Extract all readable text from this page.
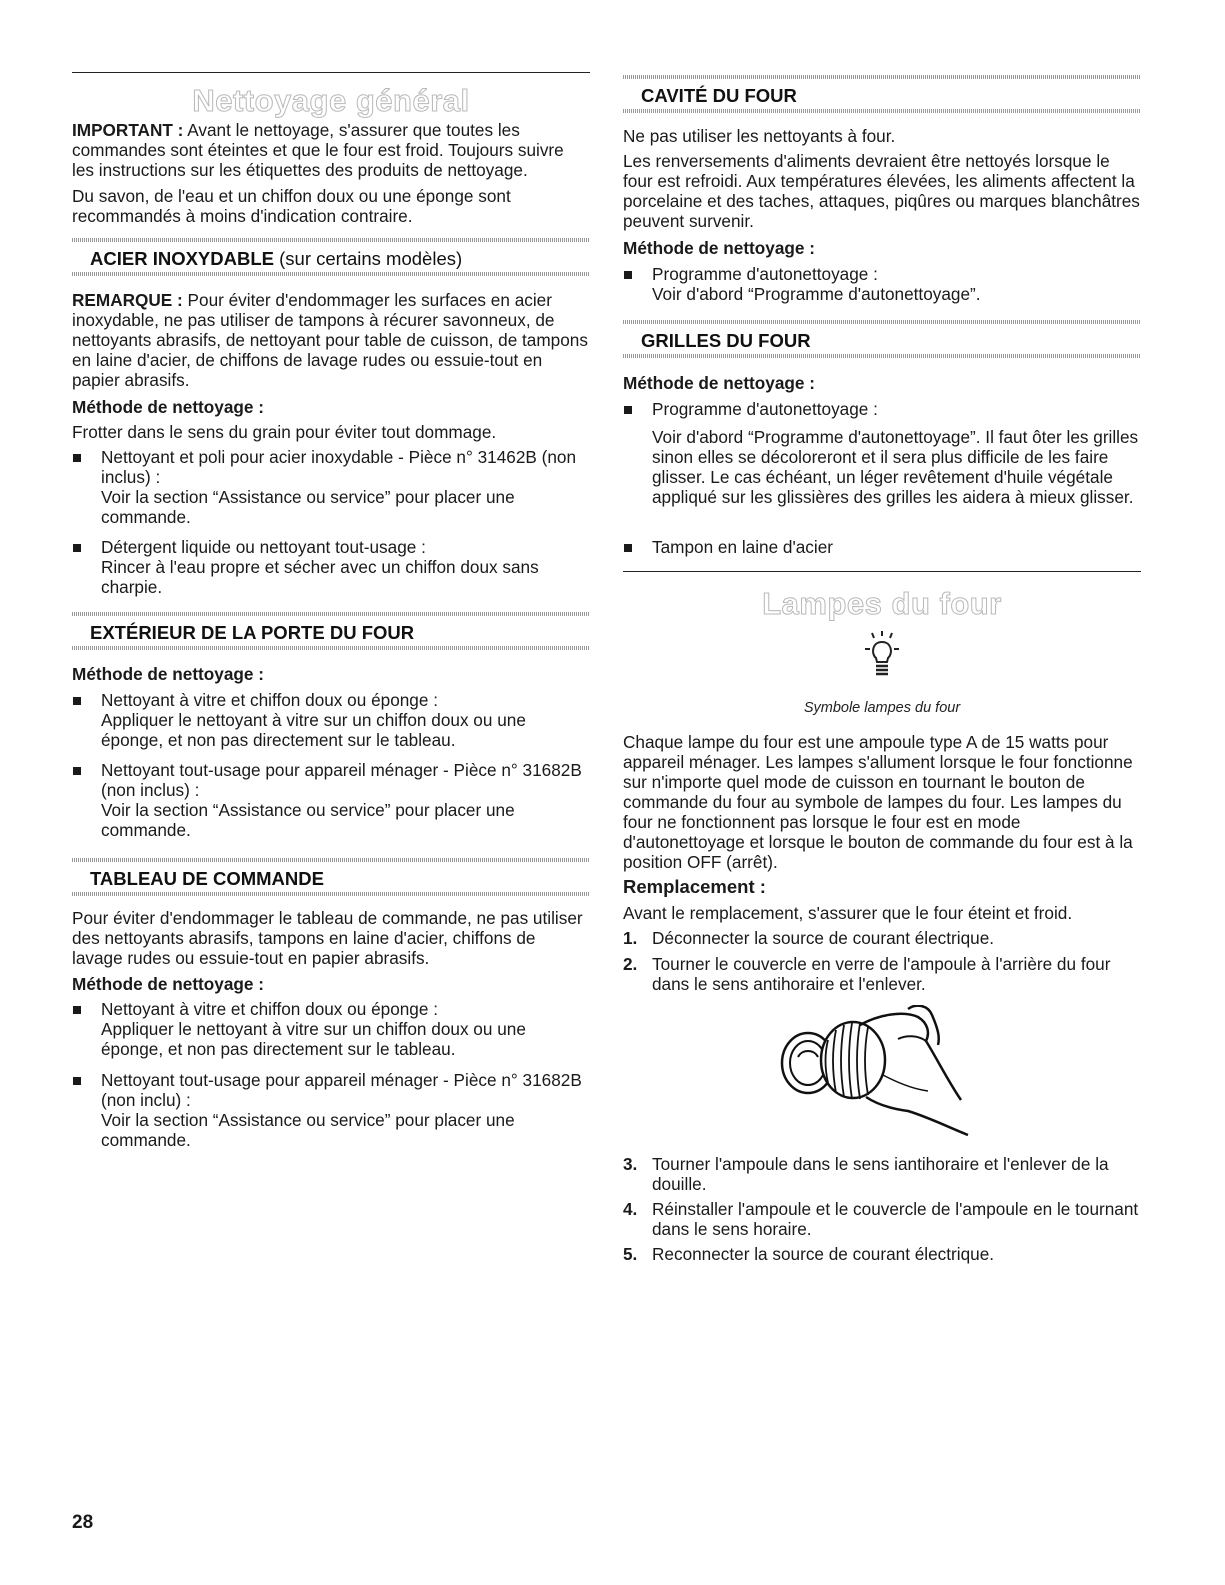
Nettoyage général

IMPORTANT : Avant le nettoyage, s'assurer que toutes les commandes sont éteintes et que le four est froid. Toujours suivre les instructions sur les étiquettes des produits de nettoyage.

Du savon, de l'eau et un chiffon doux ou une éponge sont recommandés à moins d'indication contraire.

ACIER INOXYDABLE (sur certains modèles)

REMARQUE : Pour éviter d'endommager les surfaces en acier inoxydable, ne pas utiliser de tampons à récurer savonneux, de nettoyants abrasifs, de nettoyant pour table de cuisson, de tampons en laine d'acier, de chiffons de lavage rudes ou essuie-tout en papier abrasifs.

Méthode de nettoyage :

Frotter dans le sens du grain pour éviter tout dommage.

Nettoyant et poli pour acier inoxydable - Pièce n° 31462B (non inclus) :
Voir la section “Assistance ou service” pour placer une commande.
Détergent liquide ou nettoyant tout-usage :
Rincer à l'eau propre et sécher avec un chiffon doux sans charpie.
EXTÉRIEUR DE LA PORTE DU FOUR

Méthode de nettoyage :

Nettoyant à vitre et chiffon doux ou éponge :
Appliquer le nettoyant à vitre sur un chiffon doux ou une éponge, et non pas directement sur le tableau.
Nettoyant tout-usage pour appareil ménager - Pièce n° 31682B (non inclus) :
Voir la section “Assistance ou service” pour placer une commande.
TABLEAU DE COMMANDE

Pour éviter d'endommager le tableau de commande, ne pas utiliser des nettoyants abrasifs, tampons en laine d'acier, chiffons de lavage rudes ou essuie-tout en papier abrasifs.

Méthode de nettoyage :

Nettoyant à vitre et chiffon doux ou éponge :
Appliquer le nettoyant à vitre sur un chiffon doux ou une éponge, et non pas directement sur le tableau.
Nettoyant tout-usage pour appareil ménager - Pièce n° 31682B (non inclu) :
Voir la section “Assistance ou service” pour placer une commande.
CAVITÉ DU FOUR

Ne pas utiliser les nettoyants à four.

Les renversements d'aliments devraient être nettoyés lorsque le four est refroidi. Aux températures élevées, les aliments affectent la porcelaine et des taches, attaques, piqûres ou marques blanchâtres peuvent survenir.

Méthode de nettoyage :

Programme d'autonettoyage :
Voir d'abord “Programme d'autonettoyage”.
GRILLES DU FOUR

Méthode de nettoyage :

Programme d'autonettoyage :
Voir d'abord “Programme d'autonettoyage”. Il faut ôter les grilles sinon elles se décoloreront et il sera plus difficile de les faire glisser. Le cas échéant, un léger revêtement d'huile végétale appliqué sur les glissières des grilles les aidera à mieux glisser.
Tampon en laine d'acier
Lampes du four
Symbole lampes du four

Chaque lampe du four est une ampoule type A de 15 watts pour appareil ménager. Les lampes s'allument lorsque le four fonctionne sur n'importe quel mode de cuisson en tournant le bouton de commande du four au symbole de lampes du four. Les lampes du four ne fonctionnent pas lorsque le four est en mode d'autonettoyage et lorsque le bouton de commande du four est à la position OFF (arrêt).

Remplacement :

Avant le remplacement, s'assurer que le four éteint et froid.

1. Déconnecter la source de courant électrique.
2. Tourner le couvercle en verre de l'ampoule à l'arrière du four dans le sens antihoraire et l'enlever.
3. Tourner l'ampoule dans le sens iantihoraire et l'enlever de la douille.
4. Réinstaller l'ampoule et le couvercle de l'ampoule en le tournant dans le sens horaire.
5. Reconnecter la source de courant électrique.
28
